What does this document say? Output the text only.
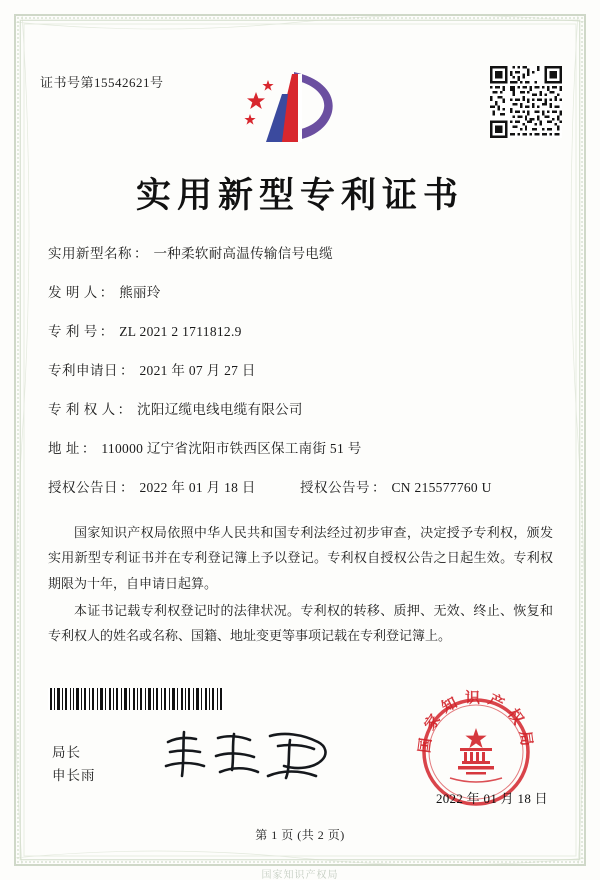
证书号第15542621号
实用新型专利证书
实用新型名称 ： 一种柔软耐高温传输信号电缆
发 明 人 ： 熊丽玲
专 利 号 ： ZL 2021 2 1711812.9
专利申请日 ： 2021 年 07 月 27 日
专 利 权 人 ： 沈阳辽缆电线电缆有限公司
地 址 ： 110000 辽宁省沈阳市铁西区保工南街 51 号
授权公告日 ： 2022 年 01 月 18 日	授权公告号 ： CN 215577760 U

国家知识产权局依照中华人民共和国专利法经过初步审查，决定授予专利权，颁发实用新型专利证书并在专利登记簿上予以登记。专利权自授权公告之日起生效。专利权期限为十年，自申请日起算。

本证书记载专利权登记时的法律状况。专利权的转移、质押、无效、终止、恢复和专利权人的姓名或名称、国籍、地址变更等事项记载在专利登记簿上。

局长
申长雨
国家知识产权局
2022 年 01 月 18 日
第 1 页 (共 2 页)
国家知识产权局
